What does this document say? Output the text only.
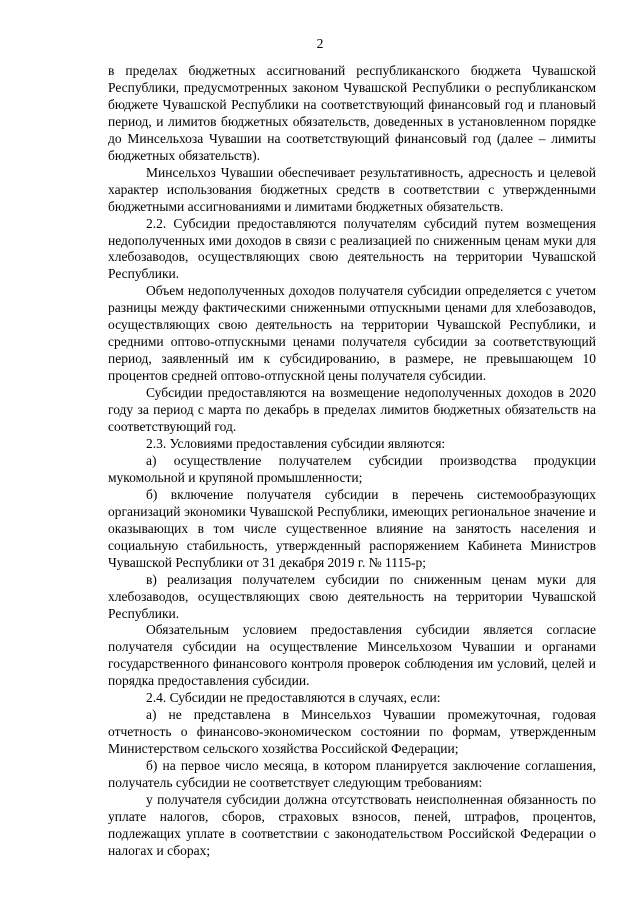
2

в пределах бюджетных ассигнований республиканского бюджета Чувашской Республики, предусмотренных законом Чувашской Республики о республиканском бюджете Чувашской Республики на соответствующий финансовый год и плановый период, и лимитов бюджетных обязательств, доведенных в установленном порядке до Минсельхоза Чувашии на соответствующий финансовый год (далее – лимиты бюджетных обязательств).

Минсельхоз Чувашии обеспечивает результативность, адресность и целевой характер использования бюджетных средств в соответствии с утвержденными бюджетными ассигнованиями и лимитами бюджетных обязательств.

2.2. Субсидии предоставляются получателям субсидий путем возмещения недополученных ими доходов в связи с реализацией по сниженным ценам муки для хлебозаводов, осуществляющих свою деятельность на территории Чувашской Республики.

Объем недополученных доходов получателя субсидии определяется с учетом разницы между фактическими сниженными отпускными ценами для хлебозаводов, осуществляющих свою деятельность на территории Чувашской Республики, и средними оптово-отпускными ценами получателя субсидии за соответствующий период, заявленный им к субсидированию, в размере, не превышающем 10 процентов средней оптово-отпускной цены получателя субсидии.

Субсидии предоставляются на возмещение недополученных доходов в 2020 году за период с марта по декабрь в пределах лимитов бюджетных обязательств на соответствующий год.

2.3. Условиями предоставления субсидии являются:

а) осуществление получателем субсидии производства продукции мукомольной и крупяной промышленности;

б) включение получателя субсидии в перечень системообразующих организаций экономики Чувашской Республики, имеющих региональное значение и оказывающих в том числе существенное влияние на занятость населения и социальную стабильность, утвержденный распоряжением Кабинета Министров Чувашской Республики от 31 декабря 2019 г. № 1115-р;

в) реализация получателем субсидии по сниженным ценам муки для хлебозаводов, осуществляющих свою деятельность на территории Чувашской Республики.

Обязательным условием предоставления субсидии является согласие получателя субсидии на осуществление Минсельхозом Чувашии и органами государственного финансового контроля проверок соблюдения им условий, целей и порядка предоставления субсидии.

2.4. Субсидии не предоставляются в случаях, если:

а) не представлена в Минсельхоз Чувашии промежуточная, годовая отчетность о финансово-экономическом состоянии по формам, утвержденным Министерством сельского хозяйства Российской Федерации;

б) на первое число месяца, в котором планируется заключение соглашения, получатель субсидии не соответствует следующим требованиям:

у получателя субсидии должна отсутствовать неисполненная обязанность по уплате налогов, сборов, страховых взносов, пеней, штрафов, процентов, подлежащих уплате в соответствии с законодательством Российской Федерации о налогах и сборах;
